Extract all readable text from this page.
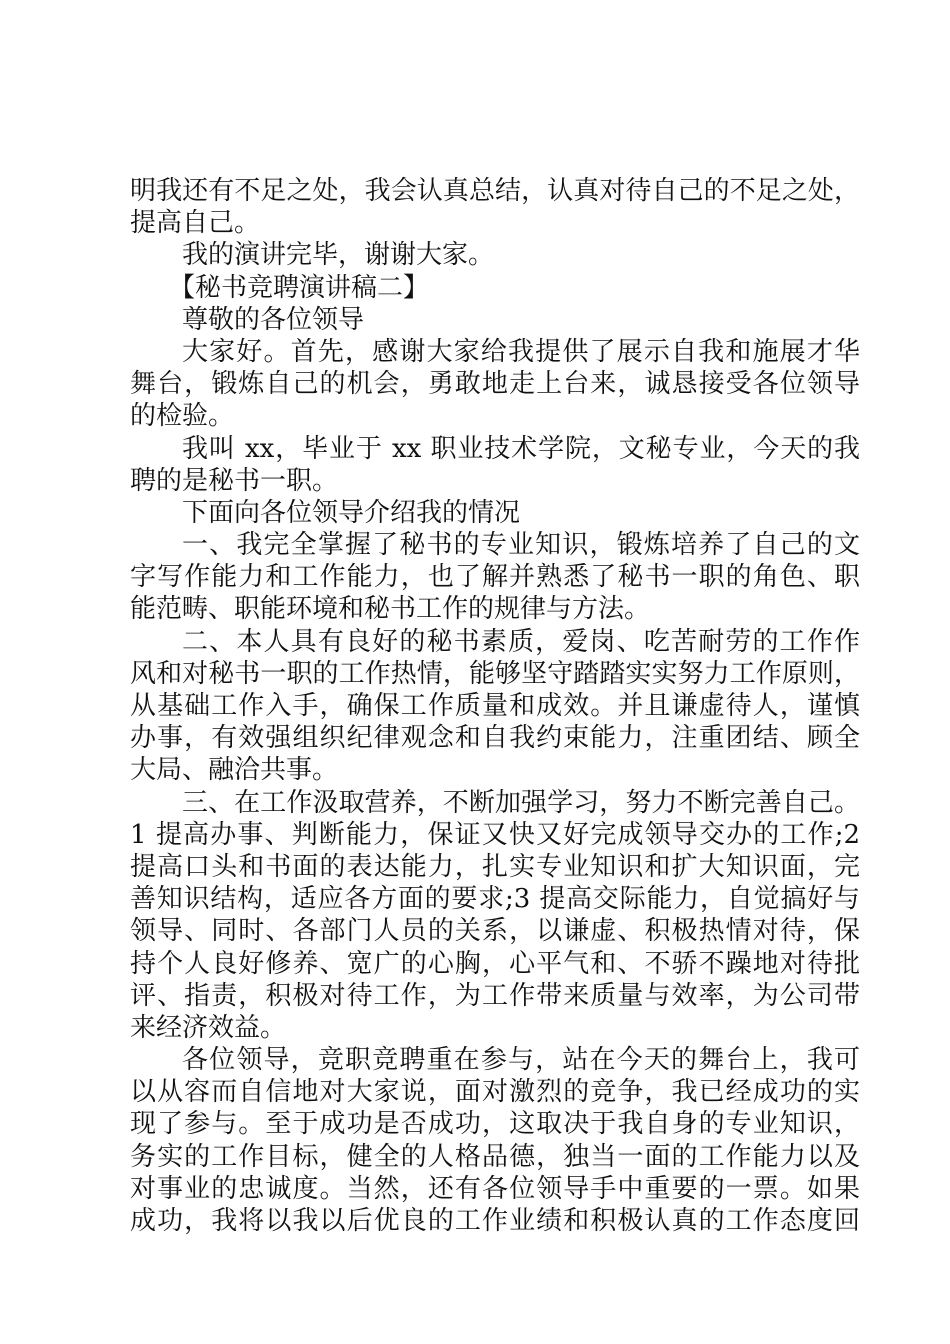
明我还有不足之处，我会认真总结，认真对待自己的不足之处，
提高自己。
我的演讲完毕，谢谢大家。
【秘书竞聘演讲稿二】
尊敬的各位领导
大家好。首先，感谢大家给我提供了展示自我和施展才华
舞台，锻炼自己的机会，勇敢地走上台来，诚恳接受各位领导
的检验。
我叫 xx，毕业于 xx 职业技术学院，文秘专业，今天的我
聘的是秘书一职。
下面向各位领导介绍我的情况
一、我完全掌握了秘书的专业知识，锻炼培养了自己的文
字写作能力和工作能力，也了解并熟悉了秘书一职的角色、职
能范畴、职能环境和秘书工作的规律与方法。
二、本人具有良好的秘书素质，爱岗、吃苦耐劳的工作作
风和对秘书一职的工作热情，能够坚守踏踏实实努力工作原则，
从基础工作入手，确保工作质量和成效。并且谦虚待人，谨慎
办事，有效强组织纪律观念和自我约束能力，注重团结、顾全
大局、融洽共事。
三、在工作汲取营养，不断加强学习，努力不断完善自己。
1 提高办事、判断能力，保证又快又好完成领导交办的工作;2
提高口头和书面的表达能力，扎实专业知识和扩大知识面，完
善知识结构，适应各方面的要求;3 提高交际能力，自觉搞好与
领导、同时、各部门人员的关系，以谦虚、积极热情对待，保
持个人良好修养、宽广的心胸，心平气和、不骄不躁地对待批
评、指责，积极对待工作，为工作带来质量与效率，为公司带
来经济效益。
各位领导，竞职竞聘重在参与，站在今天的舞台上，我可
以从容而自信地对大家说，面对激烈的竞争，我已经成功的实
现了参与。至于成功是否成功，这取决于我自身的专业知识，
务实的工作目标，健全的人格品德，独当一面的工作能力以及
对事业的忠诚度。当然，还有各位领导手中重要的一票。如果
成功，我将以我以后优良的工作业绩和积极认真的工作态度回
